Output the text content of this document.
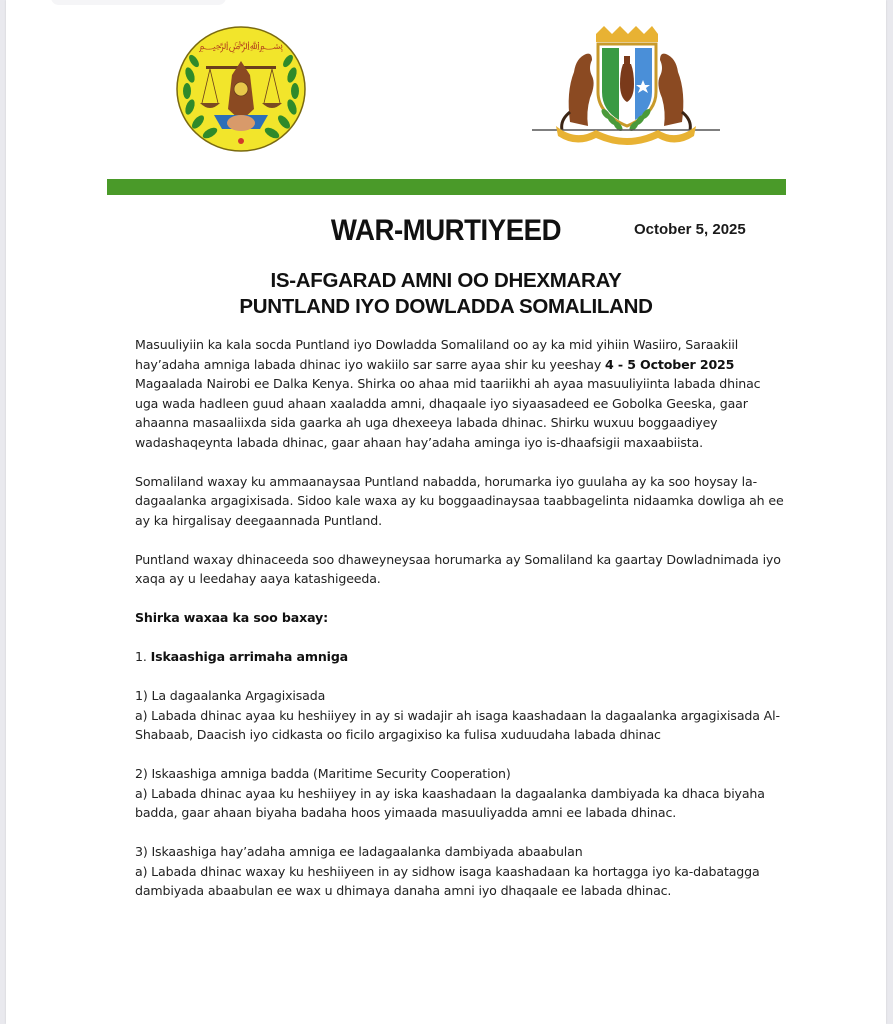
﷽
WAR-MURTIYEED	October 5, 2025
IS-AFGARAD AMNI OO DHEXMARAY
PUNTLAND IYO DOWLADDA SOMALILAND

Masuuliyiin ka kala socda Puntland iyo Dowladda Somaliland oo ay ka mid yihiin Wasiiro, Saraakiil hay’adaha amniga labada dhinac iyo wakiilo sar sarre ayaa shir ku yeeshay 4 - 5 October 2025 Magaalada Nairobi ee Dalka Kenya. Shirka oo ahaa mid taariikhi ah ayaa masuuliyiinta labada dhinac uga wada hadleen guud ahaan xaaladda amni, dhaqaale iyo siyaasadeed ee Gobolka Geeska, gaar ahaanna masaaliixda sida gaarka ah uga dhexeeya labada dhinac. Shirku wuxuu boggaadiyey wadashaqeynta labada dhinac, gaar ahaan hay’adaha aminga iyo is-dhaafsigii maxaabiista.

Somaliland waxay ku ammaanaysaa Puntland nabadda, horumarka iyo guulaha ay ka soo hoysay la-dagaalanka argagixisada. Sidoo kale waxa ay ku boggaadinaysaa taabbagelinta nidaamka dowliga ah ee ay ka hirgalisay deegaannada Puntland.

Puntland waxay dhinaceeda soo dhaweyneysaa horumarka ay Somaliland ka gaartay Dowladnimada iyo xaqa ay u leedahay aaya katashigeeda.

Shirka waxaa ka soo baxay:

1. Iskaashiga arrimaha amniga

1) La dagaalanka Argagixisada
a) Labada dhinac ayaa ku heshiiyey in ay si wadajir ah isaga kaashadaan la dagaalanka argagixisada Al-Shabaab, Daacish iyo cidkasta oo ficilo argagixiso ka fulisa xuduudaha labada dhinac

2) Iskaashiga amniga badda (Maritime Security Cooperation)
a) Labada dhinac ayaa ku heshiiyey in ay iska kaashadaan la dagaalanka dambiyada ka dhaca biyaha badda, gaar ahaan biyaha badaha hoos yimaada masuuliyadda amni ee labada dhinac.

3) Iskaashiga hay’adaha amniga ee ladagaalanka dambiyada abaabulan
a) Labada dhinac waxay ku heshiiyeen in ay sidhow isaga kaashadaan ka hortagga iyo ka-dabatagga dambiyada abaabulan ee wax u dhimaya danaha amni iyo dhaqaale ee labada dhinac.
